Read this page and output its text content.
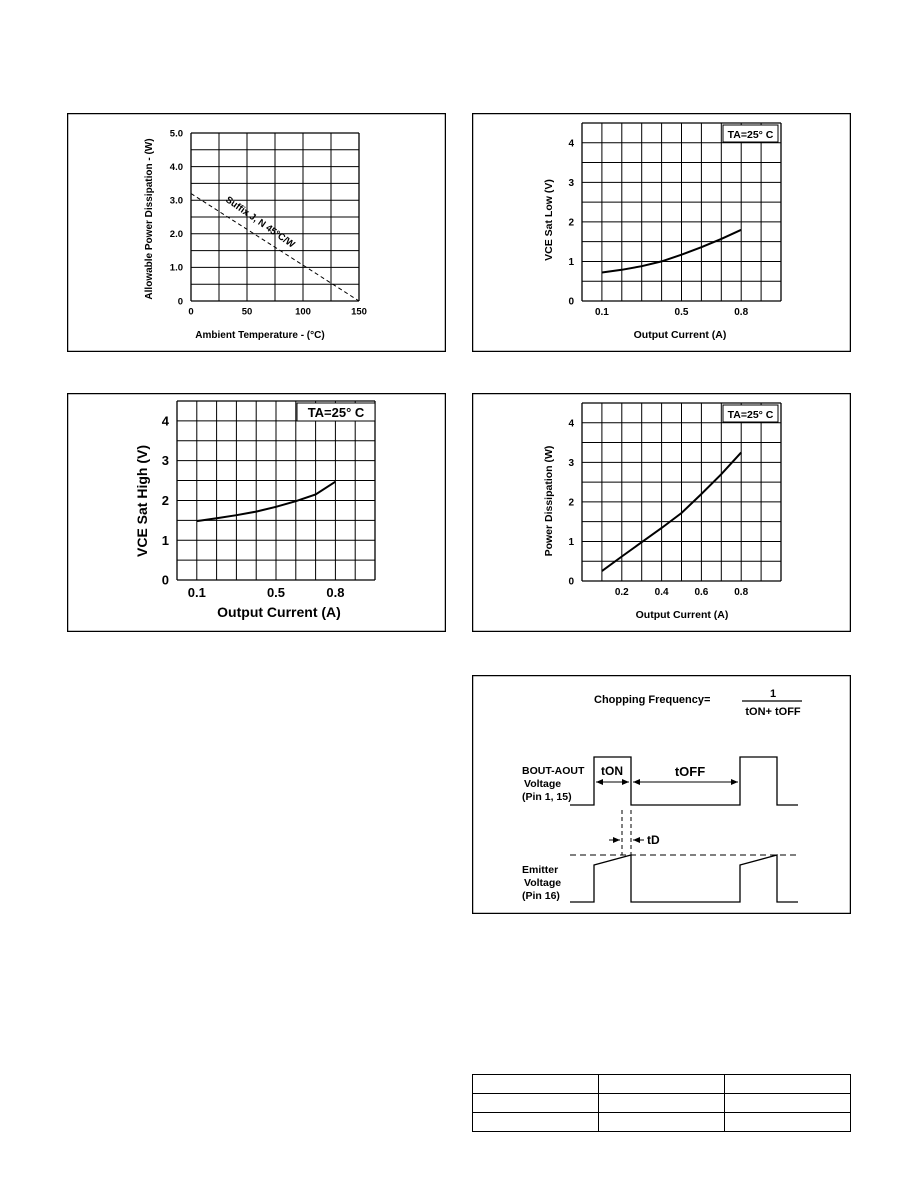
0
1.0
2.0
3.0
4.0
5.0
0	50	100	150
Suffix J, N 45°C/W
Ambient Temperature - (°C)
Allowable Power Dissipation - (W)
0
1
2
3
4
0.1	0.5	0.8
TA=25° C
Output Current (A)
VCE Sat Low (V)
0
1
2
3
4
0.1	0.5	0.8
TA=25° C
Output Current (A)
VCE Sat High (V)
0
1
2
3
4
0.2	0.4	0.6	0.8
TA=25° C
Output Current (A)
Power Dissipation (W)
Chopping Frequency=	1
tON+ tOFF
tON	tOFF
BOUT-AOUT
Voltage
(Pin 1, 15)
tD
Emitter
Voltage
(Pin 16)
